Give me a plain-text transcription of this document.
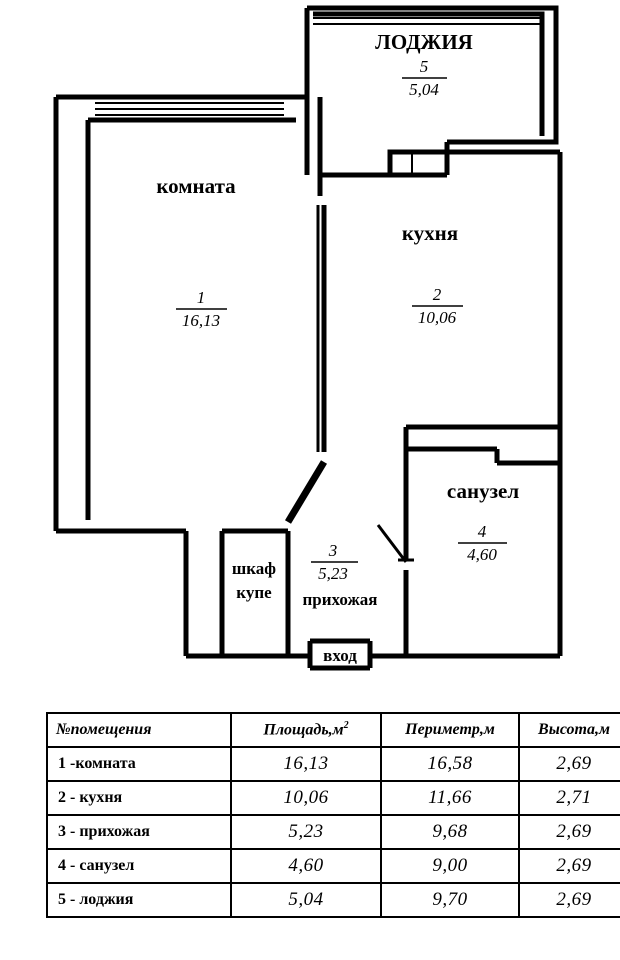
ЛОДЖИЯ
5
5,04
комната
1
16,13
кухня
2
10,06
санузел
4
4,60
3
5,23
прихожая
шкаф
купе
вход
№помещения	$Площадь,м^2$	Периметр,м	Высота,м
1 -комната	16,13	16,58	2,69
2 - кухня	10,06	11,66	2,71
3 - прихожая	5,23	9,68	2,69
4 - санузел	4,60	9,00	2,69
5 - лоджия	5,04	9,70	2,69
